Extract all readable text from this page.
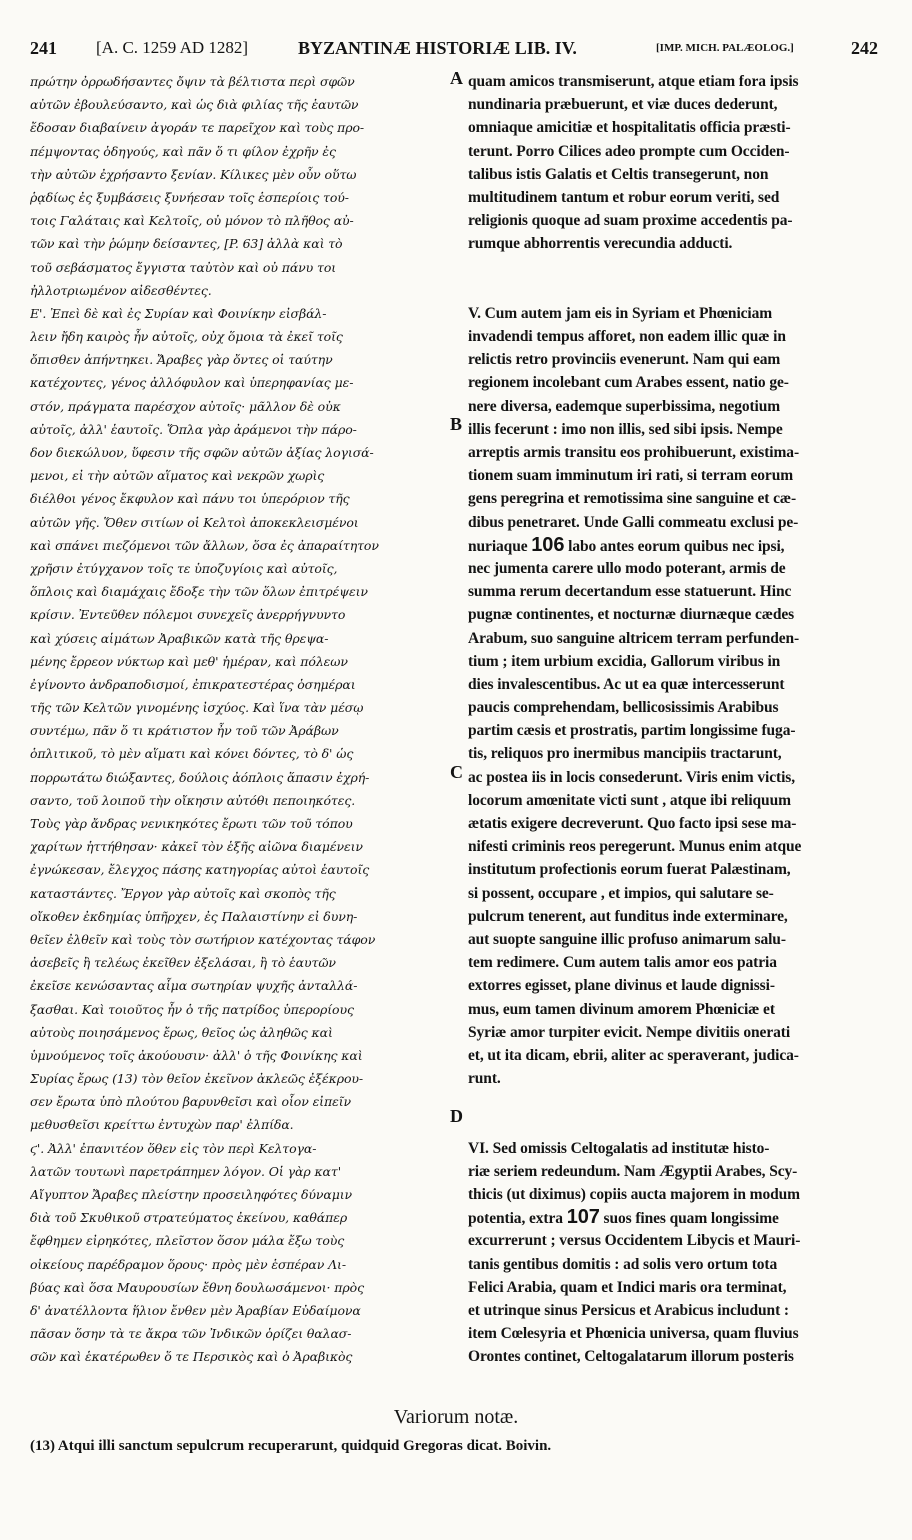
241 [A. C. 1259 AD 1282]	BYZANTINÆ HISTORIÆ LIB. IV.	[IMP. MICH. PALÆOLOG.]	242
A
B
C
D
πρώτην ὀρρωδήσαντες ὄψιν τὰ βέλτιστα περὶ σφῶν
αὐτῶν ἐβουλεύσαντο, καὶ ὡς διὰ φιλίας τῆς ἑαυτῶν
ἔδοσαν διαβαίνειν ἀγοράν τε παρεῖχον καὶ τοὺς προ-
πέμψοντας ὁδηγούς, καὶ πᾶν ὅ τι φίλον ἐχρῆν ἐς
τὴν αὐτῶν ἐχρήσαντο ξενίαν. Κίλικες μὲν οὖν οὕτω
ῥᾳδίως ἐς ξυμβάσεις ξυνήεσαν τοῖς ἑσπερίοις τού-
τοις Γαλάταις καὶ Κελτοῖς, οὐ μόνον τὸ πλῆθος αὐ-
τῶν καὶ τὴν ῥώμην δείσαντες, [P. 63] ἀλλὰ καὶ τὸ
τοῦ σεβάσματος ἔγγιστα ταὐτὸν καὶ οὐ πάνυ τοι
ἠλλοτριωμένον αἰδεσθέντες.
Ε'. Ἐπεὶ δὲ καὶ ἐς Συρίαν καὶ Φοινίκην εἰσβάλ-
λειν ἤδη καιρὸς ἦν αὐτοῖς, οὐχ ὅμοια τὰ ἐκεῖ τοῖς
ὄπισθεν ἀπήντηκει. Ἄραβες γὰρ ὄντες οἱ ταύτην
κατέχοντες, γένος ἀλλόφυλον καὶ ὑπερηφανίας με-
στόν, πράγματα παρέσχον αὐτοῖς· μᾶλλον δὲ οὐκ
αὐτοῖς, ἀλλ' ἑαυτοῖς. Ὅπλα γὰρ ἀράμενοι τὴν πάρο-
δον διεκώλυον, ὕφεσιν τῆς σφῶν αὐτῶν ἀξίας λογισά-
μενοι, εἰ τὴν αὐτῶν αἵματος καὶ νεκρῶν χωρὶς
διέλθοι γένος ἔκφυλον καὶ πάνυ τοι ὑπερόριον τῆς
αὐτῶν γῆς. Ὅθεν σιτίων οἱ Κελτοὶ ἀποκεκλεισμένοι
καὶ σπάνει πιεζόμενοι τῶν ἄλλων, ὅσα ἐς ἀπαραίτητον
χρῆσιν ἐτύγχανον τοῖς τε ὑποζυγίοις καὶ αὐτοῖς,
ὅπλοις καὶ διαμάχαις ἔδοξε τὴν τῶν ὅλων ἐπιτρέψειν
κρίσιν. Ἐντεῦθεν πόλεμοι συνεχεῖς ἀνερρήγνυντο
καὶ χύσεις αἱμάτων Ἀραβικῶν κατὰ τῆς θρεψα-
μένης ἔρρεον νύκτωρ καὶ μεθ' ἡμέραν, καὶ πόλεων
ἐγίνοντο ἀνδραποδισμοί, ἐπικρατεστέρας ὁσημέραι
τῆς τῶν Κελτῶν γινομένης ἰσχύος. Καὶ ἵνα τὰν μέσῳ
συντέμω, πᾶν ὅ τι κράτιστον ἦν τοῦ τῶν Ἀράβων
ὁπλιτικοῦ, τὸ μὲν αἵματι καὶ κόνει δόντες, τὸ δ' ὡς
πορρωτάτω διώξαντες, δούλοις ἀόπλοις ἅπασιν ἐχρή-
σαντο, τοῦ λοιποῦ τὴν οἴκησιν αὐτόθι πεποιηκότες.
Τοὺς γὰρ ἄνδρας νενικηκότες ἔρωτι τῶν τοῦ τόπου
χαρίτων ἡττήθησαν· κἀκεῖ τὸν ἑξῆς αἰῶνα διαμένειν
ἐγνώκεσαν, ἔλεγχος πάσης κατηγορίας αὐτοὶ ἑαυτοῖς
καταστάντες. Ἔργον γὰρ αὐτοῖς καὶ σκοπὸς τῆς
οἴκοθεν ἐκδημίας ὑπῆρχεν, ἐς Παλαιστίνην εἰ δυνη-
θεῖεν ἐλθεῖν καὶ τοὺς τὸν σωτήριον κατέχοντας τάφον
ἀσεβεῖς ἢ τελέως ἐκεῖθεν ἐξελάσαι, ἢ τὸ ἑαυτῶν
ἐκεῖσε κενώσαντας αἷμα σωτηρίαν ψυχῆς ἀνταλλά-
ξασθαι. Καὶ τοιοῦτος ἦν ὁ τῆς πατρίδος ὑπερορίους
αὐτοὺς ποιησάμενος ἔρως, θεῖος ὡς ἀληθῶς καὶ
ὑμνούμενος τοῖς ἀκούουσιν· ἀλλ' ὁ τῆς Φοινίκης καὶ
Συρίας ἔρως (13) τὸν θεῖον ἐκεῖνον ἀκλεῶς ἐξέκρου-
σεν ἔρωτα ὑπὸ πλούτου βαρυνθεῖσι καὶ οἷον εἰπεῖν
μεθυσθεῖσι κρείττω ἐντυχὼν παρ' ἐλπίδα.
ϛ'. Ἀλλ' ἐπανιτέον ὅθεν εἰς τὸν περὶ Κελτογα-
λατῶν τουτωνὶ παρετράπημεν λόγον. Οἱ γὰρ κατ'
Αἴγυπτον Ἄραβες πλείστην προσειληφότες δύναμιν
διὰ τοῦ Σκυθικοῦ στρατεύματος ἐκείνου, καθάπερ
ἔφθημεν εἰρηκότες, πλεῖστον ὅσον μάλα ἔξω τοὺς
οἰκείους παρέδραμον ὅρους· πρὸς μὲν ἑσπέραν Λι-
βύας καὶ ὅσα Μαυρουσίων ἔθνη δουλωσάμενοι· πρὸς
δ' ἀνατέλλοντα ἥλιον ἔνθεν μὲν Ἀραβίαν Εὐδαίμονα
πᾶσαν ὅσην τὰ τε ἄκρα τῶν Ἰνδικῶν ὁρίζει θαλασ-
σῶν καὶ ἑκατέρωθεν ὅ τε Περσικὸς καὶ ὁ Ἀραβικὸς
quam amicos transmiserunt, atque etiam fora ipsis
nundinaria præbuerunt, et viæ duces dederunt,
omniaque amicitiæ et hospitalitatis officia præsti-
terunt. Porro Cilices adeo prompte cum Occiden-
talibus istis Galatis et Celtis transegerunt, non
multitudinem tantum et robur eorum veriti, sed
religionis quoque ad suam proxime accedentis pa-
rumque abhorrentis verecundia adducti.
V. Cum autem jam eis in Syriam et Phœniciam
invadendi tempus afforet, non eadem illic quæ in
relictis retro provinciis evenerunt. Nam qui eam
regionem incolebant cum Arabes essent, natio ge-
nere diversa, eademque superbissima, negotium
illis fecerunt : imo non illis, sed sibi ipsis. Nempe
arreptis armis transitu eos prohibuerunt, existima-
tionem suam imminutum iri rati, si terram eorum
gens peregrina et remotissima sine sanguine et cæ-
dibus penetraret. Unde Galli commeatu exclusi pe-
nuriaque 106 labo antes eorum quibus nec ipsi,
nec jumenta carere ullo modo poterant, armis de
summa rerum decertandum esse statuerunt. Hinc
pugnæ continentes, et nocturnæ diurnæque cædes
Arabum, suo sanguine altricem terram perfunden-
tium ; item urbium excidia, Gallorum viribus in
dies invalescentibus. Ac ut ea quæ intercesserunt
paucis comprehendam, bellicosissimis Arabibus
partim cæsis et prostratis, partim longissime fuga-
tis, reliquos pro inermibus mancipiis tractarunt,
ac postea iis in locis consederunt. Viris enim victis,
locorum amœnitate victi sunt , atque ibi reliquum
ætatis exigere decreverunt. Quo facto ipsi sese ma-
nifesti criminis reos peregerunt. Munus enim atque
institutum profectionis eorum fuerat Palæstinam,
si possent, occupare , et impios, qui salutare se-
pulcrum tenerent, aut funditus inde exterminare,
aut suopte sanguine illic profuso animarum salu-
tem redimere. Cum autem talis amor eos patria
extorres egisset, plane divinus et laude dignissi-
mus, eum tamen divinum amorem Phœniciæ et
Syriæ amor turpiter evicit. Nempe divitiis onerati
et, ut ita dicam, ebrii, aliter ac speraverant, judica-
runt.
VI. Sed omissis Celtogalatis ad institutæ histo-
riæ seriem redeundum. Nam Ægyptii Arabes, Scy-
thicis (ut diximus) copiis aucta majorem in modum
potentia, extra 107 suos fines quam longissime
excurrerunt ; versus Occidentem Libycis et Mauri-
tanis gentibus domitis : ad solis vero ortum tota
Felici Arabia, quam et Indici maris ora terminat,
et utrinque sinus Persicus et Arabicus includunt :
item Cœlesyria et Phœnicia universa, quam fluvius
Orontes continet, Celtogalatarum illorum posteris
Variorum notæ.
(13) Atqui illi sanctum sepulcrum recuperarunt, quidquid Gregoras dicat. Boivin.
